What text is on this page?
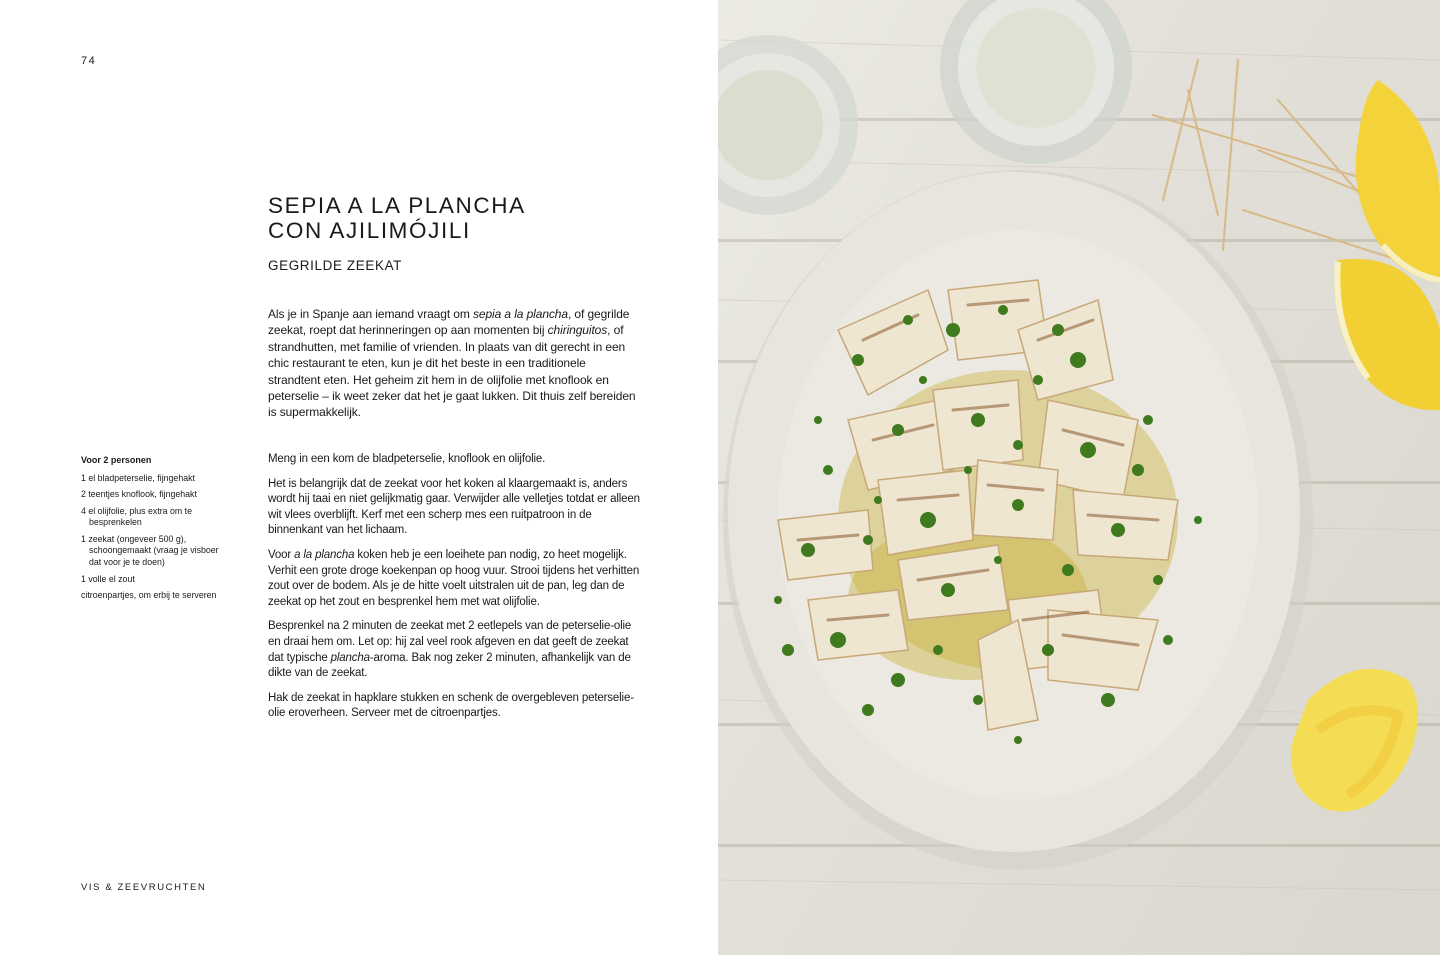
74
SEPIA A LA PLANCHA
CON AJILIMÓJILI
GEGRILDE ZEEKAT

Als je in Spanje aan iemand vraagt om sepia a la plancha, of gegrilde zeekat, roept dat herinneringen op aan momenten bij chiringuitos, of strandhutten, met familie of vrienden. In plaats van dit gerecht in een chic restaurant te eten, kun je dit het beste in een traditionele strandtent eten. Het geheim zit hem in de olijfolie met knoflook en peterselie – ik weet zeker dat het je gaat lukken. Dit thuis zelf bereiden is supermakkelijk.

Voor 2 personen
1 el bladpeterselie, fijngehakt
2 teentjes knoflook, fijngehakt
4 el olijfolie, plus extra om te besprenkelen
1 zeekat (ongeveer 500 g), schoongemaakt (vraag je visboer dat voor je te doen)
1 volle el zout
citroenpartjes, om erbij te serveren

Meng in een kom de bladpeterselie, knoflook en olijfolie.

Het is belangrijk dat de zeekat voor het koken al klaargemaakt is, anders wordt hij taai en niet gelijkmatig gaar. Verwijder alle velletjes totdat er alleen wit vlees overblijft. Kerf met een scherp mes een ruitpatroon in de binnenkant van het lichaam.

Voor a la plancha koken heb je een loeihete pan nodig, zo heet mogelijk. Verhit een grote droge koekenpan op hoog vuur. Strooi tijdens het verhitten zout over de bodem. Als je de hitte voelt uitstralen uit de pan, leg dan de zeekat op het zout en besprenkel hem met wat olijfolie.

Besprenkel na 2 minuten de zeekat met 2 eetlepels van de peterselie-olie en draai hem om. Let op: hij zal veel rook afgeven en dat geeft de zeekat dat typische plancha-aroma. Bak nog zeker 2 minuten, afhankelijk van de dikte van de zeekat.

Hak de zeekat in hapklare stukken en schenk de overgebleven peterselie-olie eroverheen. Serveer met de citroenpartjes.

VIS & ZEEVRUCHTEN
